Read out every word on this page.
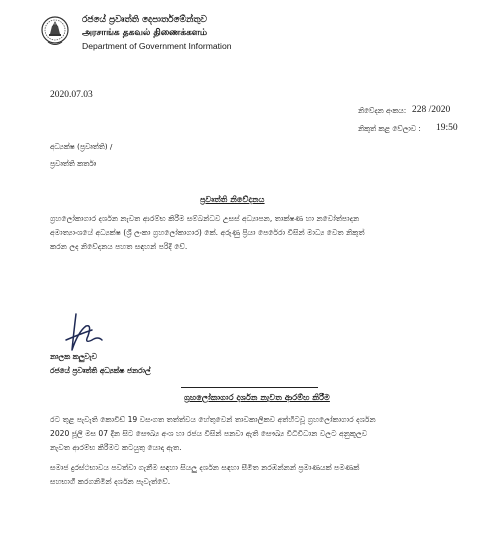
රජයේ ප්‍රවෘත්ති දෙපාර්තමේන්තුව
அரசாங்க தகவல் திணைக்களம்
Department of Government Information
2020.07.03
නිවේදන අංකය: 228 /2020
නිකුත් කළ වේලාව : 19:50
අධ්‍යක්ෂ (ප්‍රවෘත්ති) /
ප්‍රවෘත්ති කර්තෘ
ප්‍රවෘත්ති නිවේදනය
ග්‍රහලෝකාගාර දර්ශන නැවත ආරම්භ කිරීම සම්බන්ධව උසස් අධ්‍යාපන, තාක්ෂණ හා නවෝත්පාදන
අමාත්‍යාංශයේ අධ්‍යක්ෂ (ශ්‍රී ලංකා ග්‍රහලෝකාගාර) කේ. අරුණු ප්‍රියා පෙරේරා විසින් මාධ්‍ය වෙත නිකුත්
කරන ලද නිවේදනය පහත සඳහන් පරිදි වේ.
නාලක කලුවැව
රජයේ ප්‍රවෘත්ති අධ්‍යක්ෂ ජනරාල්
ග්‍රහලෝකාගාර දර්ශන නැවත ආරම්භ කිරීම
රට තුළ පැවැති කොවිඩ් 19 වසංගත තත්ත්වය හේතුවෙන් තාවකාලිකව අත්හිටවූ ග්‍රහලෝකාගාර දර්ශන
2020 ජූලි මස 07 දින සිට සෞඛ්‍ය අංශ හා රජය විසින් පනවා ඇති සෞඛ්‍ය විධිවිධාන වලට අනුකූලව
නැවත ආරම්භ කිරීමට කටයුතු යොදා ඇත.
සමාජ දුරස්ථභාවය පවත්වා ගැනීම සඳහා සියලු දර්ශන සඳහා සීමිත නරඹන්නන් ප්‍රමාණයක් පමණක්
සහභාගී කරගනිමින් දර්ශන පැවැත්වේ.
